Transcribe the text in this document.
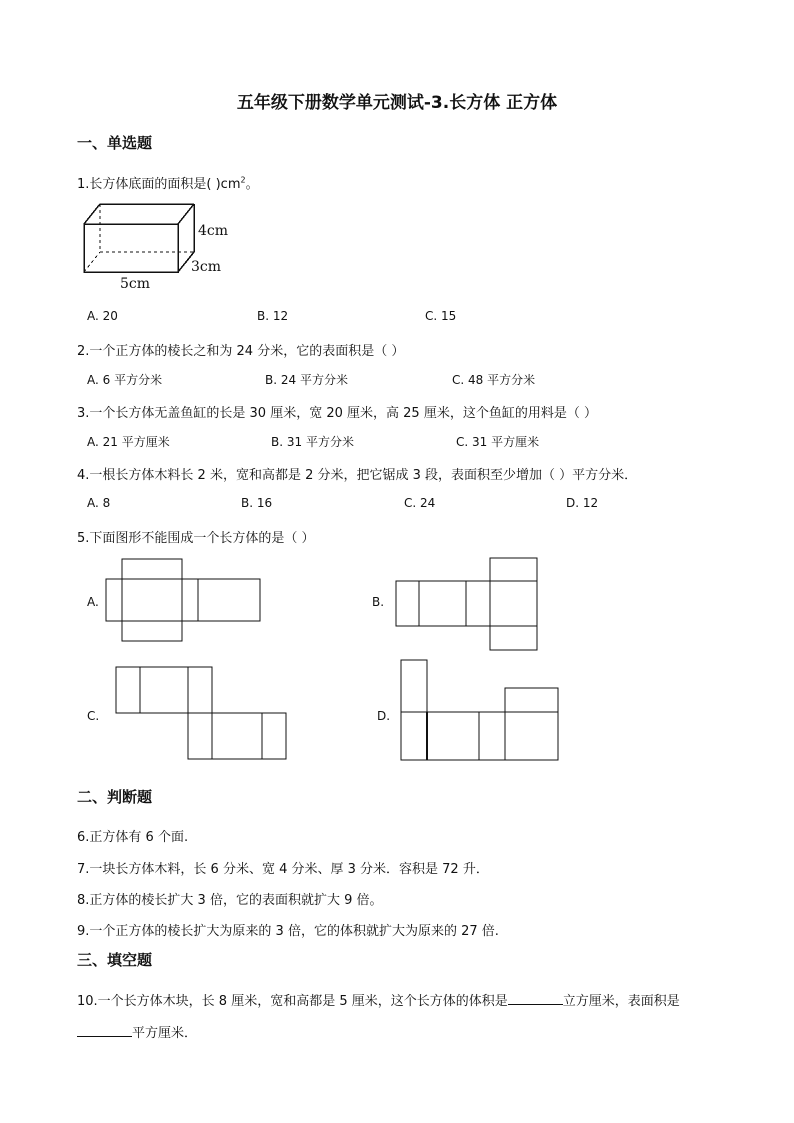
五年级下册数学单元测试-3.长方体 正方体
一、单选题
1.长方体底面的面积是( )$cm^2$。
4cm
3cm
5cm
A. 20	B. 12	C. 15
2.一个正方体的棱长之和为 24 分米，它的表面积是（ ）
A. 6 平方分米	B. 24 平方分米	C. 48 平方分米
3.一个长方体无盖鱼缸的长是 30 厘米，宽 20 厘米，高 25 厘米，这个鱼缸的用料是（ ）
A. 21 平方厘米	B. 31 平方分米	C. 31 平方厘米
4.一根长方体木料长 2 米，宽和高都是 2 分米，把它锯成 3 段，表面积至少增加（ ）平方分米．
A. 8	B. 16	C. 24	D. 12
5.下面图形不能围成一个长方体的是（ ）
A.	B.
C.	D.
二、判断题
6.正方体有 6 个面.
7.一块长方体木料，长 6 分米、宽 4 分米、厚 3 分米．容积是 72 升．
8.正方体的棱长扩大 3 倍，它的表面积就扩大 9 倍。
9.一个正方体的棱长扩大为原来的 3 倍，它的体积就扩大为原来的 27 倍.
三、填空题
10.一个长方体木块，长 8 厘米，宽和高都是 5 厘米，这个长方体的体积是	立方厘米，表面积是
平方厘米．
